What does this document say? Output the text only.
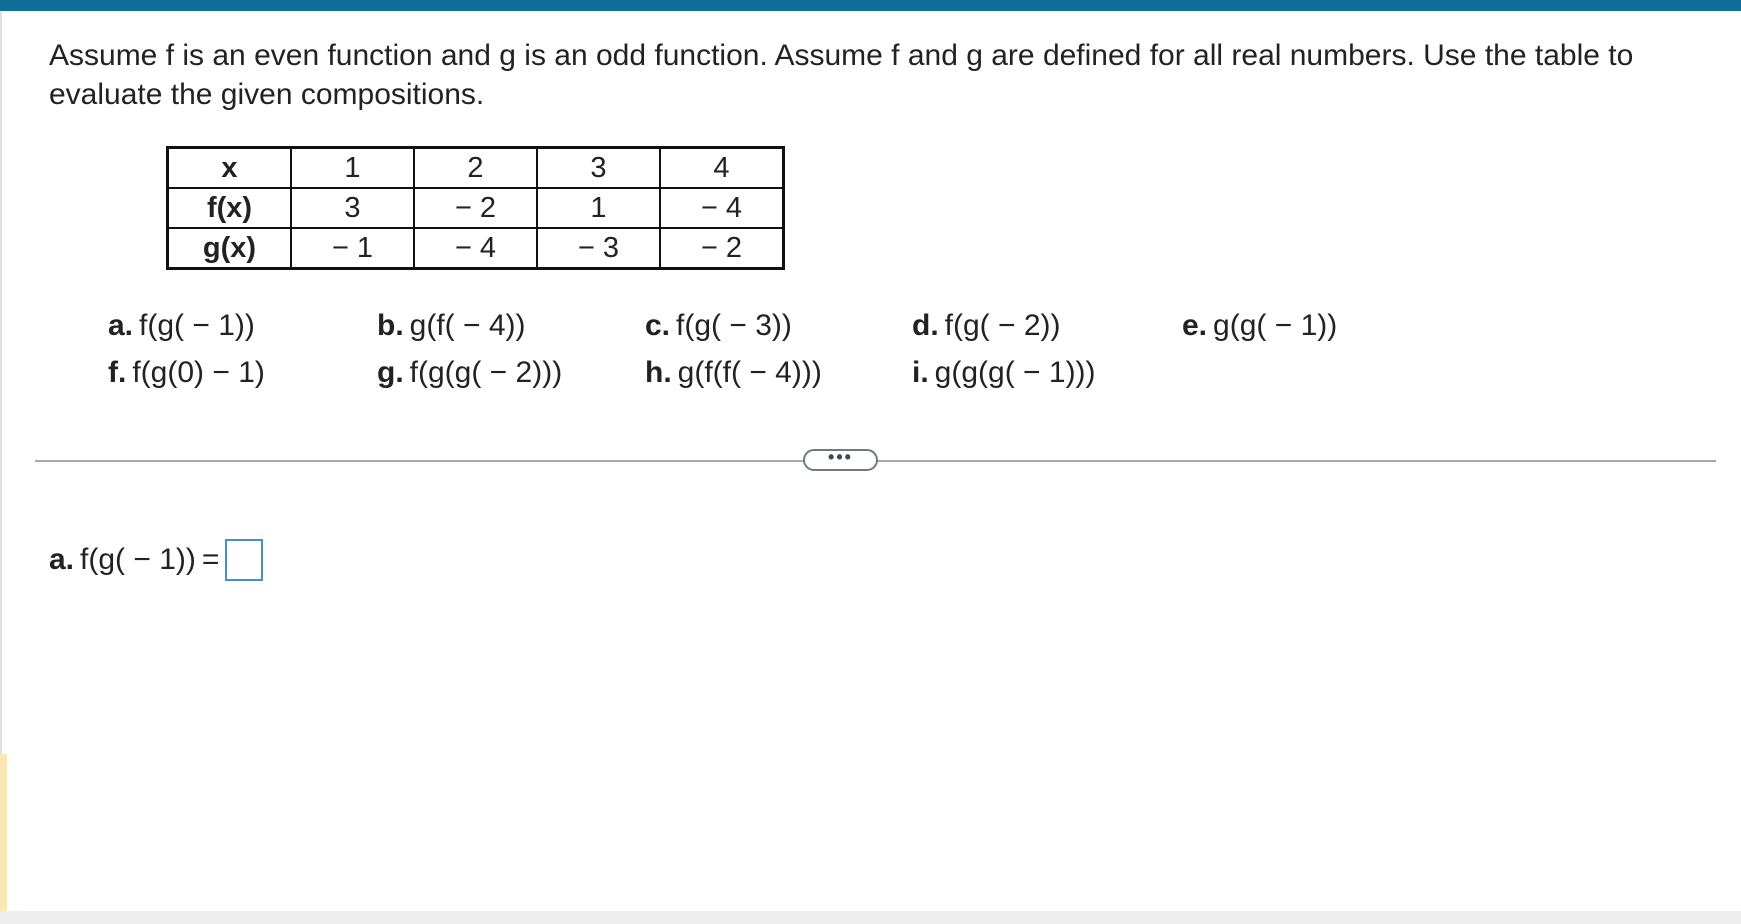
Assume f is an even function and g is an odd function. Assume f and g are defined for all real numbers. Use the table to evaluate the given compositions.

x	1	2	3	4
f(x)	3	− 2	1	− 4
g(x)	− 1	− 4	− 3	− 2
a. f(g( − 1))	b. g(f( − 4))	c. f(g( − 3))	d. f(g( − 2))	e. g(g( − 1))
f. f(g(0) − 1)	g. f(g(g( − 2)))	h. g(f(f( − 4)))	i. g(g(g( − 1)))
•••
a. f(g( − 1)) =
